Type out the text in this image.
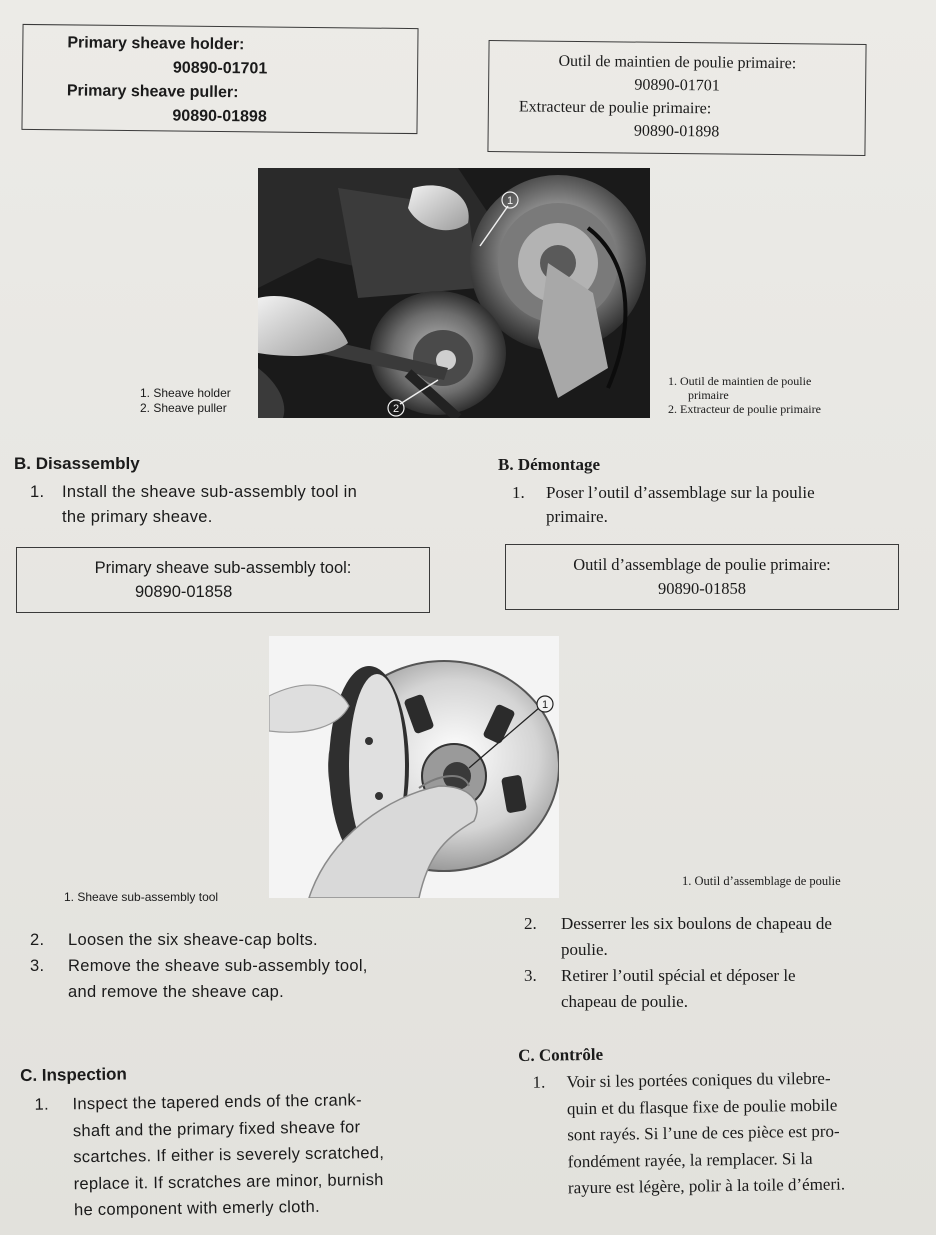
Primary sheave holder:
90890-01701
Primary sheave puller:
90890-01898
Outil de maintien de poulie primaire:
90890-01701
Extracteur de poulie primaire:
90890-01898
1
2
1. Sheave holder
2. Sheave puller
1. Outil de maintien de poulie
primaire
2. Extracteur de poulie primaire
B. Disassembly
1. Install the sheave sub-assembly tool in
the primary sheave.
B. Démontage
1. Poser l’outil d’assemblage sur la poulie
primaire.
Primary sheave sub-assembly tool:
90890-01858
Outil d’assemblage de poulie primaire:
90890-01858
1
1. Sheave sub-assembly tool
1. Outil d’assemblage de poulie
2. Loosen the six sheave-cap bolts.
3. Remove the sheave sub-assembly tool,
and remove the sheave cap.
2. Desserrer les six boulons de chapeau de
poulie.
3. Retirer l’outil spécial et déposer le
chapeau de poulie.
C. Inspection
1. Inspect the tapered ends of the crank-
shaft and the primary fixed sheave for
scartches. If either is severely scratched,
replace it. If scratches are minor, burnish
he component with emerly cloth.
C. Contrôle
1. Voir si les portées coniques du vilebre-
quin et du flasque fixe de poulie mobile
sont rayés. Si l’une de ces pièce est pro-
fondément rayée, la remplacer. Si la
rayure est légère, polir à la toile d’émeri.
